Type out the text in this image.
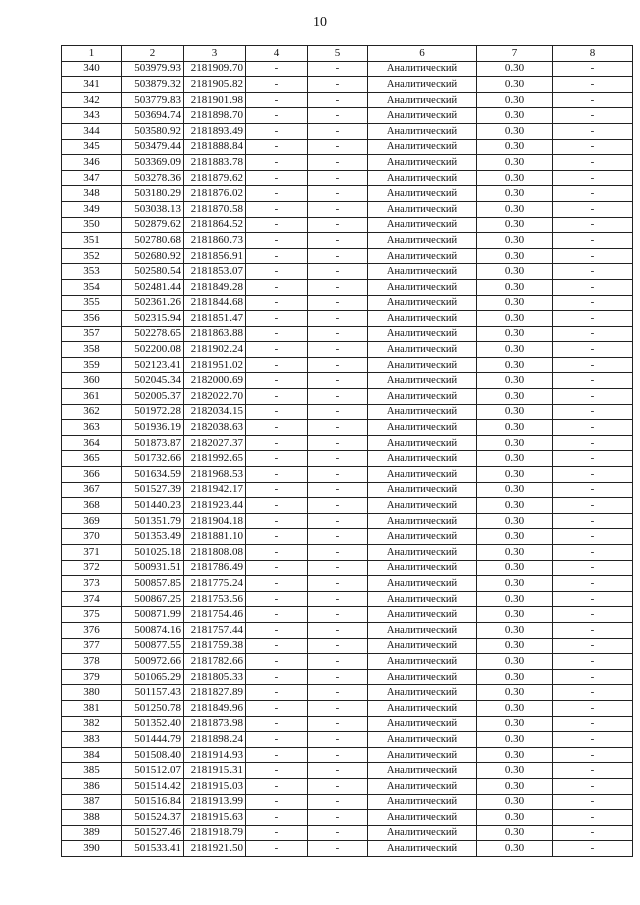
10
1	2	3	4	5	6	7	8
340	503979.93	2181909.70	-	-	Аналитический	0.30	-
341	503879.32	2181905.82	-	-	Аналитический	0.30	-
342	503779.83	2181901.98	-	-	Аналитический	0.30	-
343	503694.74	2181898.70	-	-	Аналитический	0.30	-
344	503580.92	2181893.49	-	-	Аналитический	0.30	-
345	503479.44	2181888.84	-	-	Аналитический	0.30	-
346	503369.09	2181883.78	-	-	Аналитический	0.30	-
347	503278.36	2181879.62	-	-	Аналитический	0.30	-
348	503180.29	2181876.02	-	-	Аналитический	0.30	-
349	503038.13	2181870.58	-	-	Аналитический	0.30	-
350	502879.62	2181864.52	-	-	Аналитический	0.30	-
351	502780.68	2181860.73	-	-	Аналитический	0.30	-
352	502680.92	2181856.91	-	-	Аналитический	0.30	-
353	502580.54	2181853.07	-	-	Аналитический	0.30	-
354	502481.44	2181849.28	-	-	Аналитический	0.30	-
355	502361.26	2181844.68	-	-	Аналитический	0.30	-
356	502315.94	2181851.47	-	-	Аналитический	0.30	-
357	502278.65	2181863.88	-	-	Аналитический	0.30	-
358	502200.08	2181902.24	-	-	Аналитический	0.30	-
359	502123.41	2181951.02	-	-	Аналитический	0.30	-
360	502045.34	2182000.69	-	-	Аналитический	0.30	-
361	502005.37	2182022.70	-	-	Аналитический	0.30	-
362	501972.28	2182034.15	-	-	Аналитический	0.30	-
363	501936.19	2182038.63	-	-	Аналитический	0.30	-
364	501873.87	2182027.37	-	-	Аналитический	0.30	-
365	501732.66	2181992.65	-	-	Аналитический	0.30	-
366	501634.59	2181968.53	-	-	Аналитический	0.30	-
367	501527.39	2181942.17	-	-	Аналитический	0.30	-
368	501440.23	2181923.44	-	-	Аналитический	0.30	-
369	501351.79	2181904.18	-	-	Аналитический	0.30	-
370	501353.49	2181881.10	-	-	Аналитический	0.30	-
371	501025.18	2181808.08	-	-	Аналитический	0.30	-
372	500931.51	2181786.49	-	-	Аналитический	0.30	-
373	500857.85	2181775.24	-	-	Аналитический	0.30	-
374	500867.25	2181753.56	-	-	Аналитический	0.30	-
375	500871.99	2181754.46	-	-	Аналитический	0.30	-
376	500874.16	2181757.44	-	-	Аналитический	0.30	-
377	500877.55	2181759.38	-	-	Аналитический	0.30	-
378	500972.66	2181782.66	-	-	Аналитический	0.30	-
379	501065.29	2181805.33	-	-	Аналитический	0.30	-
380	501157.43	2181827.89	-	-	Аналитический	0.30	-
381	501250.78	2181849.96	-	-	Аналитический	0.30	-
382	501352.40	2181873.98	-	-	Аналитический	0.30	-
383	501444.79	2181898.24	-	-	Аналитический	0.30	-
384	501508.40	2181914.93	-	-	Аналитический	0.30	-
385	501512.07	2181915.31	-	-	Аналитический	0.30	-
386	501514.42	2181915.03	-	-	Аналитический	0.30	-
387	501516.84	2181913.99	-	-	Аналитический	0.30	-
388	501524.37	2181915.63	-	-	Аналитический	0.30	-
389	501527.46	2181918.79	-	-	Аналитический	0.30	-
390	501533.41	2181921.50	-	-	Аналитический	0.30	-
